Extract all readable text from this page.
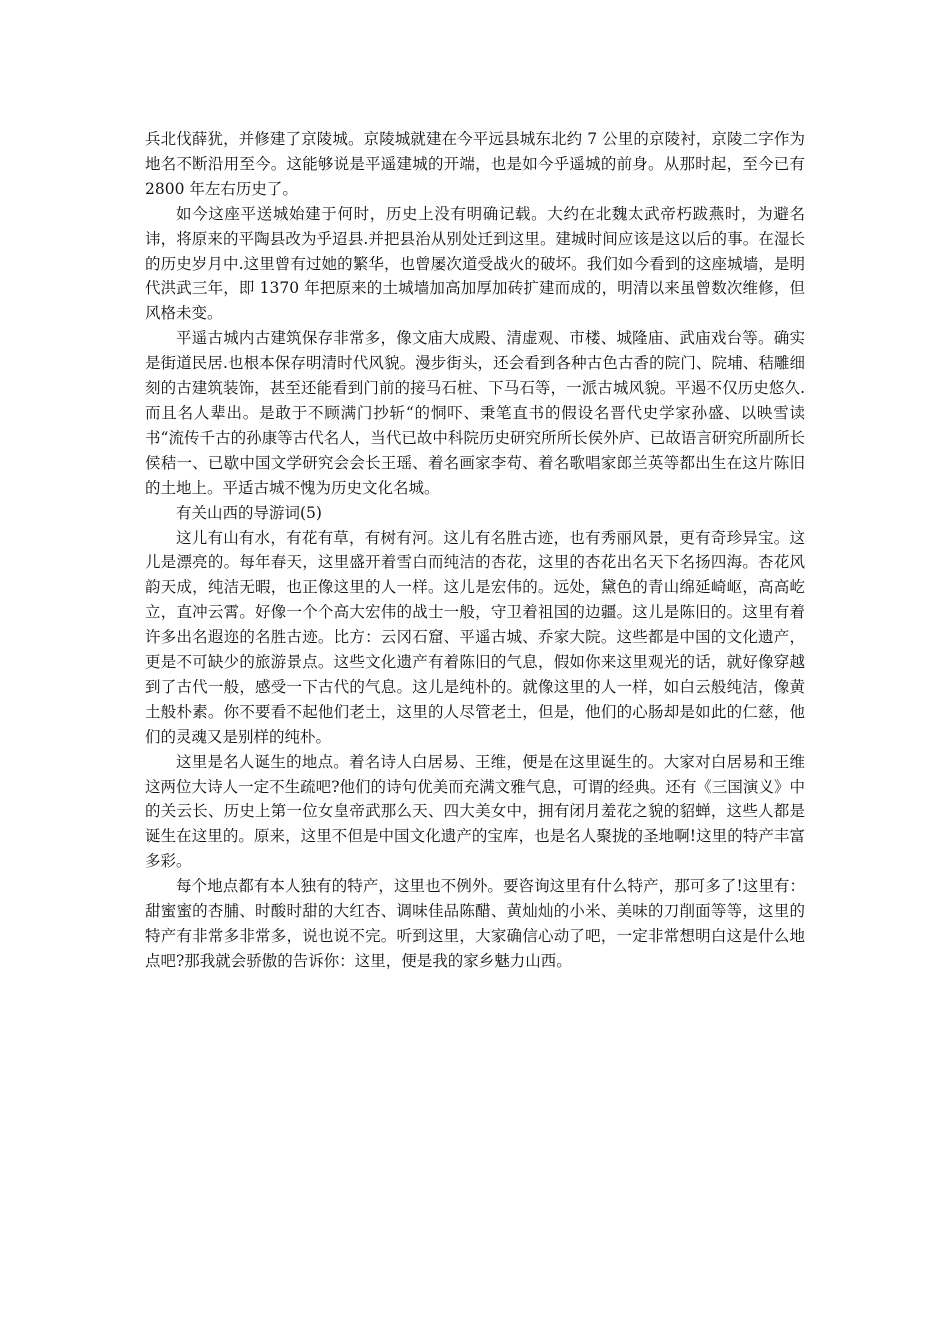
兵北伐薛犹，并修建了京陵城。京陵城就建在今平远县城东北约 7 公里的京陵衬，京陵二字作为地名不断沿用至今。这能够说是平遥建城的开端，也是如今乎遥城的前身。从那时起，至今已有 2800 年左右历史了。

如今这座平送城始建于何时，历史上没有明确记载。大约在北魏太武帝朽跋燕时，为避名讳，将原来的平陶县改为乎迢县.并把县治从别处迁到这里。建城时间应该是这以后的事。在湿长的历史岁月中.这里曾有过她的繁华，也曾屡次道受战火的破坏。我们如今看到的这座城墙，是明代洪武三年，即 1370 年把原来的土城墙加高加厚加砖扩建而成的，明清以来虽曾数次维修，但风格未变。

平遥古城内古建筑保存非常多，像文庙大成殿、清虚观、市楼、城隆庙、武庙戏台等。确实是街道民居.也根本保存明清时代风貌。漫步街头，还会看到各种古色古香的院门、院埔、秸雕细刻的古建筑装饰，甚至还能看到门前的接马石桩、下马石等，一派古城风貌。平遏不仅历史悠久.而且名人辈出。是敢于不顾满门抄斩“的恫吓、秉笔直书的假设名晋代史学家孙盛、以映雪读书“流传千古的孙康等古代名人，当代已故中科院历史研究所所长侯外庐、已故语言研究所副所长侯秸一、已歇中国文学研究会会长王瑶、着名画家李苟、着名歌唱家郎兰英等都出生在这片陈旧的土地上。平适古城不愧为历史文化名城。

有关山西的导游词(5)

这儿有山有水，有花有草，有树有河。这儿有名胜古迹，也有秀丽风景，更有奇珍异宝。这儿是漂亮的。每年春天，这里盛开着雪白而纯洁的杏花，这里的杏花出名天下名扬四海。杏花风韵天成，纯洁无暇，也正像这里的人一样。这儿是宏伟的。远处，黛色的青山绵延崎岖，高高屹立，直冲云霄。好像一个个高大宏伟的战士一般，守卫着祖国的边疆。这儿是陈旧的。这里有着许多出名遐迩的名胜古迹。比方：云冈石窟、平遥古城、乔家大院。这些都是中国的文化遗产，更是不可缺少的旅游景点。这些文化遗产有着陈旧的气息，假如你来这里观光的话，就好像穿越到了古代一般，感受一下古代的气息。这儿是纯朴的。就像这里的人一样，如白云般纯洁，像黄土般朴素。你不要看不起他们老土，这里的人尽管老土，但是，他们的心肠却是如此的仁慈，他们的灵魂又是别样的纯朴。

这里是名人诞生的地点。着名诗人白居易、王维，便是在这里诞生的。大家对白居易和王维这两位大诗人一定不生疏吧?他们的诗句优美而充满文雅气息，可谓的经典。还有《三国演义》中的关云长、历史上第一位女皇帝武那么天、四大美女中，拥有闭月羞花之貌的貂蝉，这些人都是诞生在这里的。原来，这里不但是中国文化遗产的宝库，也是名人聚拢的圣地啊!这里的特产丰富多彩。

每个地点都有本人独有的特产，这里也不例外。要咨询这里有什么特产，那可多了!这里有：甜蜜蜜的杏脯、时酸时甜的大红杏、调味佳品陈醋、黄灿灿的小米、美味的刀削面等等，这里的特产有非常多非常多，说也说不完。听到这里，大家确信心动了吧，一定非常想明白这是什么地点吧?那我就会骄傲的告诉你：这里，便是我的家乡魅力山西。
